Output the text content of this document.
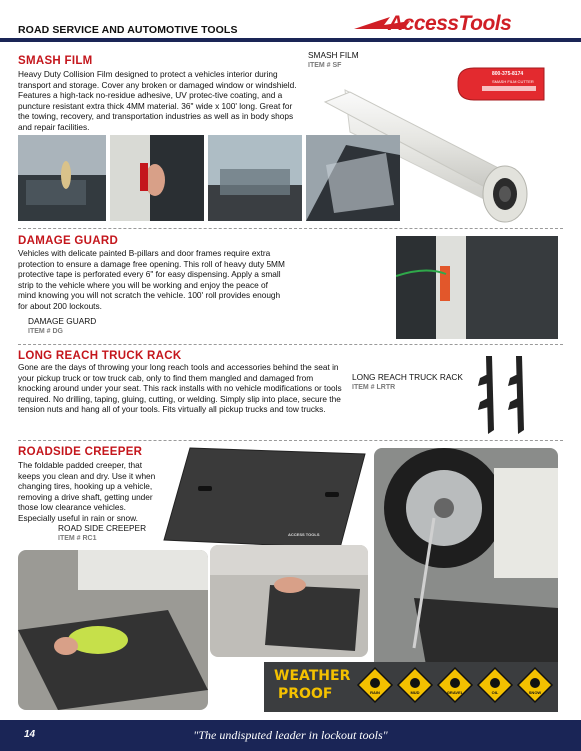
ROAD SERVICE AND AUTOMOTIVE TOOLS	AccessTools
SMASH FILM
Heavy Duty Collision Film designed to protect a vehicles interior during transport and storage. Cover any broken or damaged window or windshield. Features a high-tack no-residue adhesive, UV protec-tive coating, and a puncture resistant extra thick 4MM material. 36" wide x 100' long. Great for the towing, recovery, and transportation industries as well as in body shops and repair facilities.
SMASH FILM
ITEM # SF
800-375-8174
SMASH FILM CUTTER
DAMAGE GUARD
Vehicles with delicate painted B-pillars and door frames require extra protection to ensure a damage free opening. This roll of heavy duty 5MM protective tape is perforated every 6" for easy dispensing. Apply a small strip to the vehicle where you will be working and enjoy the peace of mind knowing you will not scratch the vehicle. 100' roll provides enough for about 200 lockouts.
DAMAGE GUARD
ITEM # DG
LONG REACH TRUCK RACK
Gone are the days of throwing your long reach tools and accessories behind the seat in your pickup truck or tow truck cab, only to find them mangled and damaged from knocking around under your seat. This rack installs with no vehicle modifications or tools required. No drilling, taping, gluing, cutting, or welding. Simply slip into place, secure the tension nuts and hang all of your tools. Fits virtually all pickup trucks and tow trucks.
LONG REACH TRUCK RACK
ITEM # LRTR
ROADSIDE CREEPER
The foldable padded creeper, that keeps you clean and dry. Use it when changing tires, hooking up a vehicle, removing a drive shaft, getting under those low clearance vehicles. Especially useful in rain or snow.
ROAD SIDE CREEPER
ITEM # RC1
ACCESS TOOLS
WEATHER
PROOF	RAIN	MUD	GRAVEL	OIL	SNOW
14	"The undisputed leader in lockout tools"
